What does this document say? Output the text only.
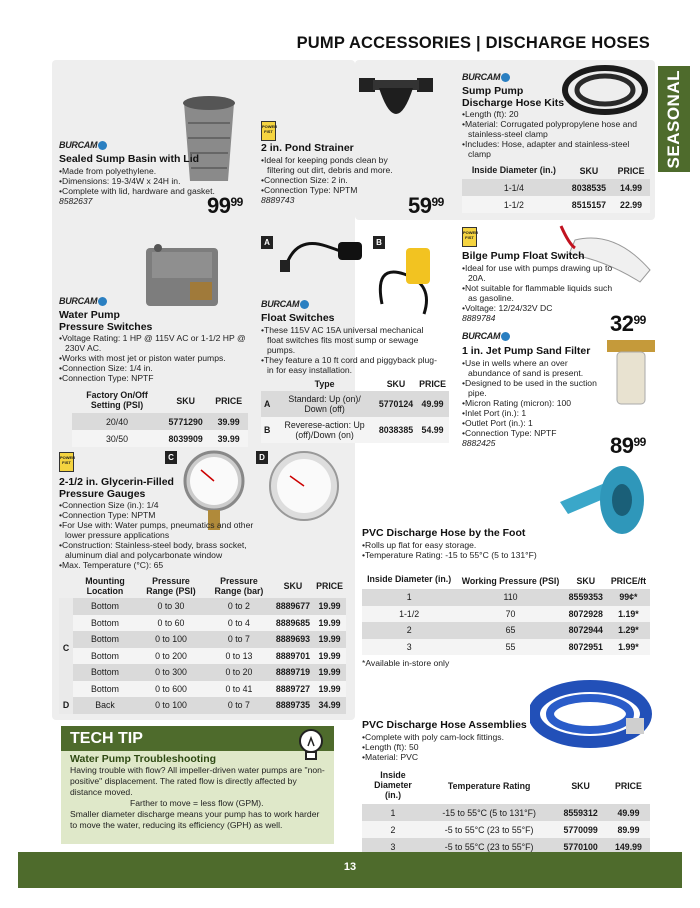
PUMP ACCESSORIES | DISCHARGE HOSES
SEASONAL
BURCAM
Sealed Sump Basin with Lid
•Made from polyethylene.
•Dimensions: 19-3/4W x 24H in.
•Complete with lid, hardware and gasket.
8582637	$99^{99}$
POWER FIST
2 in. Pond Strainer
•Ideal for keeping ponds clean by filtering out dirt, debris and more.
•Connection Size: 2 in.
•Connection Type: NPTM
8889743	$59^{99}$
BURCAM
Sump Pump
Discharge Hose Kits
•Length (ft): 20
•Material: Corrugated polypropylene hose and stainless-steel clamp
•Includes: Hose, adapter and stainless-steel clamp
Inside Diameter (in.)	SKU	PRICE
1-1/4	8038535	14.99
1-1/2	8515157	22.99
BURCAM
Water Pump
Pressure Switches
•Voltage Rating: 1 HP @ 115V AC or 1-1/2 HP @ 230V AC.
•Works with most jet or piston water pumps.
•Connection Size: 1/4 in.
•Connection Type: NPTF
Factory On/Off Setting (PSI)	SKU	PRICE
20/40	5771290	39.99
30/50	8039909	39.99
A	B
BURCAM
Float Switches
•These 115V AC 15A universal mechanical float switches fits most sump or sewage pumps.
•They feature a 10 ft cord and piggyback plug-in for easy installation.
	Type	SKU	PRICE
A	Standard: Up (on)/ Down (off)	5770124	49.99
B	Reverese-action: Up (off)/Down (on)	8038385	54.99
POWER FIST
Bilge Pump Float Switch
•Ideal for use with pumps drawing up to 20A.
•Not suitable for flammable liquids such as gasoline.
•Voltage: 12/24/32V DC
8889784	$32^{99}$
BURCAM
1 in. Jet Pump Sand Filter
•Use in wells where an over abundance of sand is present.
•Designed to be used in the suction pipe.
•Micron Rating (micron): 100
•Inlet Port (in.): 1
•Outlet Port (in.): 1
•Connection Type: NPTF
8882425	$89^{99}$
POWER FIST
C	D
2-1/2 in. Glycerin-Filled
Pressure Gauges
•Connection Size (in.): 1/4
•Connection Type: NPTM
•For Use with: Water pumps, pneumatics and other lower pressure applications
•Construction: Stainless-steel body, brass socket, aluminum dial and polycarbonate window
•Max. Temperature (°C): 65
	Mounting Location	Pressure Range (PSI)	Pressure Range (bar)	SKU	PRICE
C	Bottom	0 to 30	0 to 2	8889677	19.99
	Bottom	0 to 60	0 to 4	8889685	19.99
	Bottom	0 to 100	0 to 7	8889693	19.99
	Bottom	0 to 200	0 to 13	8889701	19.99
	Bottom	0 to 300	0 to 20	8889719	19.99
	Bottom	0 to 600	0 to 41	8889727	19.99
D	Back	0 to 100	0 to 7	8889735	34.99
PVC Discharge Hose by the Foot
•Rolls up flat for easy storage.
•Temperature Rating: -15 to 55°C (5 to 131°F)
Inside Diameter (in.)	Working Pressure (PSI)	SKU	PRICE/ft
1	110	8559353	99¢*
1-1/2	70	8072928	1.19*
2	65	8072944	1.29*
3	55	8072951	1.99*
*Available in-store only
PVC Discharge Hose Assemblies
•Complete with poly cam-lock fittings.
•Length (ft): 50
•Material: PVC
Inside Diameter (in.)	Temperature Rating	SKU	PRICE
1	-15 to 55°C (5 to 131°F)	8559312	49.99
2	-5 to 55°C (23 to 55°F)	5770099	89.99
3	-5 to 55°C (23 to 55°F)	5770100	149.99
TECH TIP
Water Pump Troubleshooting
Having trouble with flow? All impeller-driven water pumps are "non-positive" displacement. The rated flow is directly affected by distance moved.
Farther to move = less flow (GPM).
Smaller diameter discharge means your pump has to work harder to move the water, reducing its efficiency (GPH) as well.
13
